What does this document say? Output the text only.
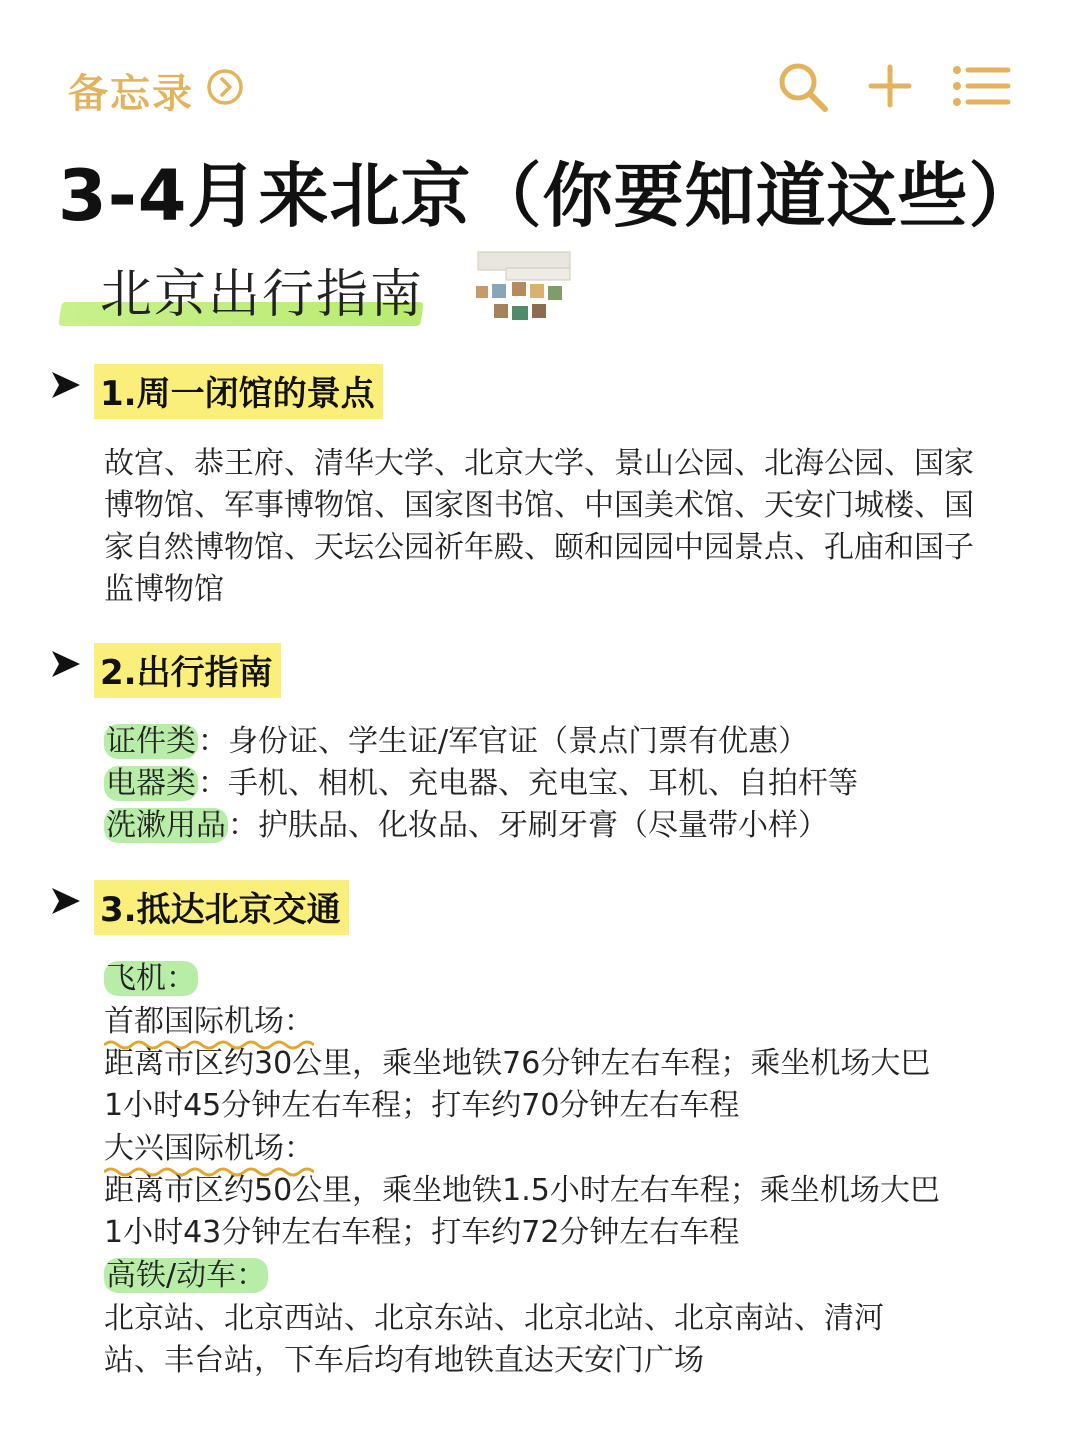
备忘录
3-4月来北京（你要知道这些）
北京出行指南
1.周一闭馆的景点
故宫、恭王府、清华大学、北京大学、景山公园、北海公园、国家博物馆、军事博物馆、国家图书馆、中国美术馆、天安门城楼、国家自然博物馆、天坛公园祈年殿、颐和园园中园景点、孔庙和国子监博物馆
2.出行指南
证件类：身份证、学生证/军官证（景点门票有优惠）
电器类：手机、相机、充电器、充电宝、耳机、自拍杆等
洗漱用品：护肤品、化妆品、牙刷牙膏（尽量带小样）
3.抵达北京交通
飞机：
首都国际机场：
距离市区约30公里，乘坐地铁76分钟左右车程；乘坐机场大巴
1小时45分钟左右车程；打车约70分钟左右车程
大兴国际机场：
距离市区约50公里，乘坐地铁1.5小时左右车程；乘坐机场大巴
1小时43分钟左右车程；打车约72分钟左右车程
高铁/动车：
北京站、北京西站、北京东站、北京北站、北京南站、清河
站、丰台站，下车后均有地铁直达天安门广场
